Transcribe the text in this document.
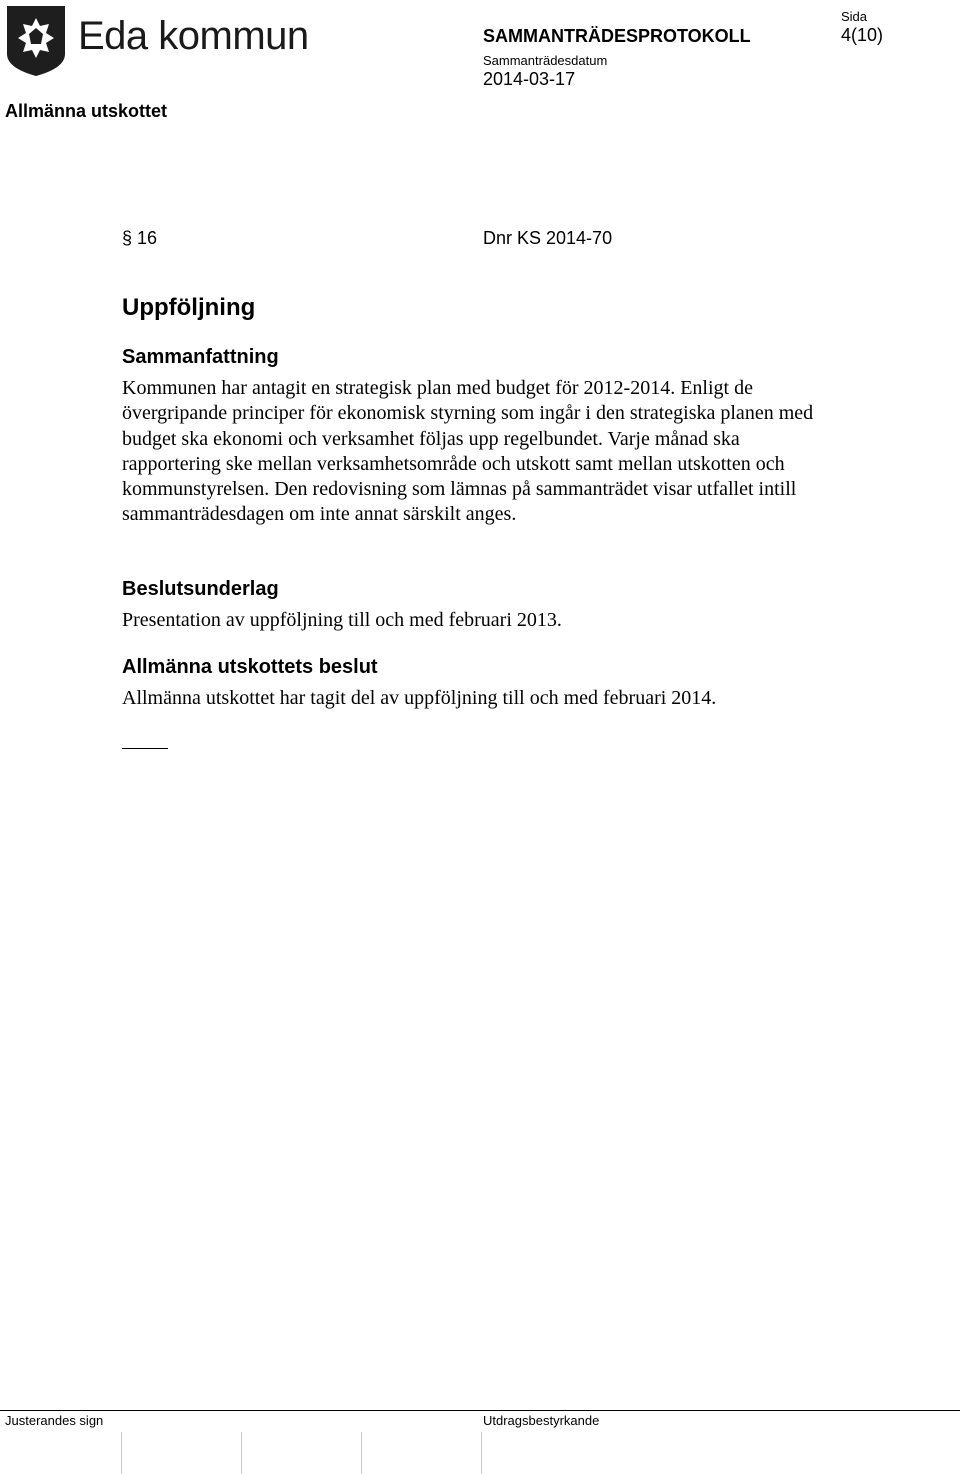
Eda kommun	SAMMANTRÄDESPROTOKOLL
Sammanträdesdatum
2014-03-17
Sida
4(10)
Allmänna utskottet
§ 16	Dnr KS 2014-70
Uppföljning
Sammanfattning
Kommunen har antagit en strategisk plan med budget för 2012-2014. Enligt de övergripande principer för ekonomisk styrning som ingår i den strategiska planen med budget ska ekonomi och verksamhet följas upp regelbundet. Varje månad ska rapportering ske mellan verksamhetsområde och utskott samt mellan utskotten och kommunstyrelsen. Den redovisning som lämnas på sammanträdet visar utfallet intill sammanträdesdagen om inte annat särskilt anges.
Beslutsunderlag
Presentation av uppföljning till och med februari 2013.
Allmänna utskottets beslut
Allmänna utskottet har tagit del av uppföljning till och med februari 2014.
Justerandes sign	Utdragsbestyrkande
